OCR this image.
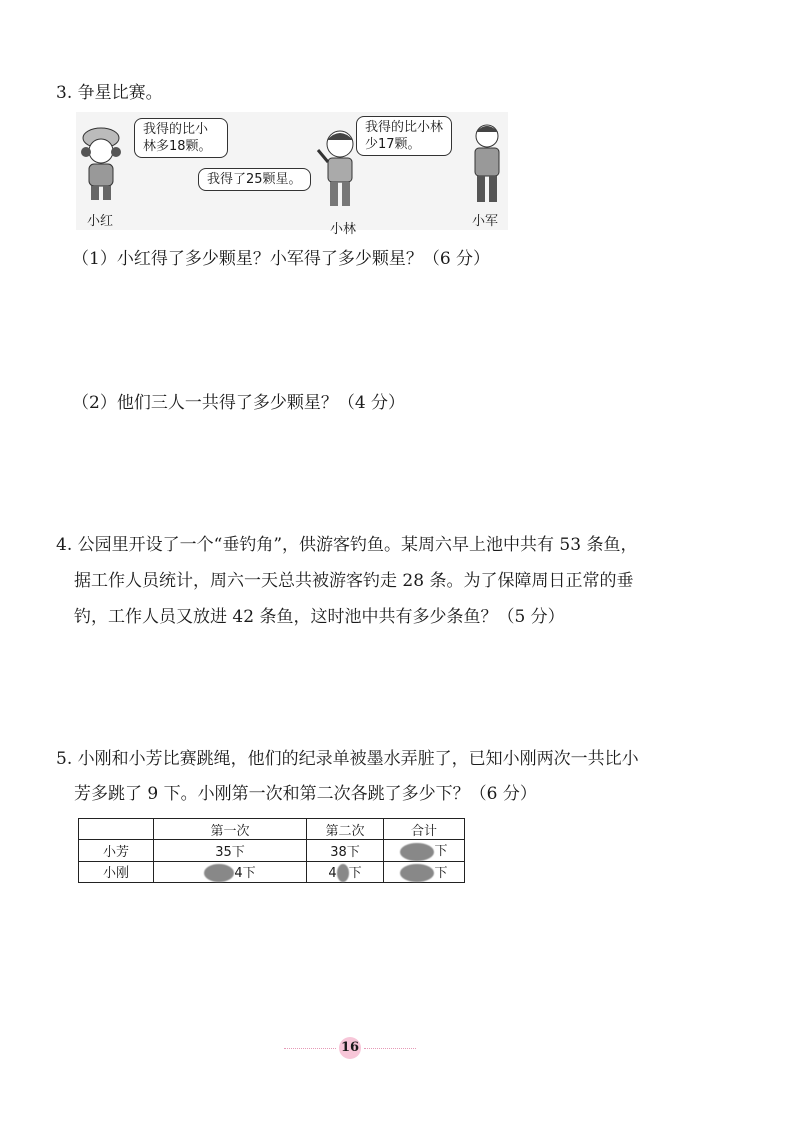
3. 争星比赛。
我得的比小林多18颗。
小红
我得了25颗星。
小林
我得的比小林少17颗。
小军
（1）小红得了多少颗星？小军得了多少颗星？（6 分）
（2）他们三人一共得了多少颗星？（4 分）
4. 公园里开设了一个“垂钓角”，供游客钓鱼。某周六早上池中共有 53 条鱼，
据工作人员统计，周六一天总共被游客钓走 28 条。为了保障周日正常的垂
钓，工作人员又放进 42 条鱼，这时池中共有多少条鱼？（5 分）
5. 小刚和小芳比赛跳绳，他们的纪录单被墨水弄脏了，已知小刚两次一共比小
芳多跳了 9 下。小刚第一次和第二次各跳了多少下？（6 分）
	第一次	第二次	合计
小芳	35下	38下	下
小刚	4下	4 下	下
16
